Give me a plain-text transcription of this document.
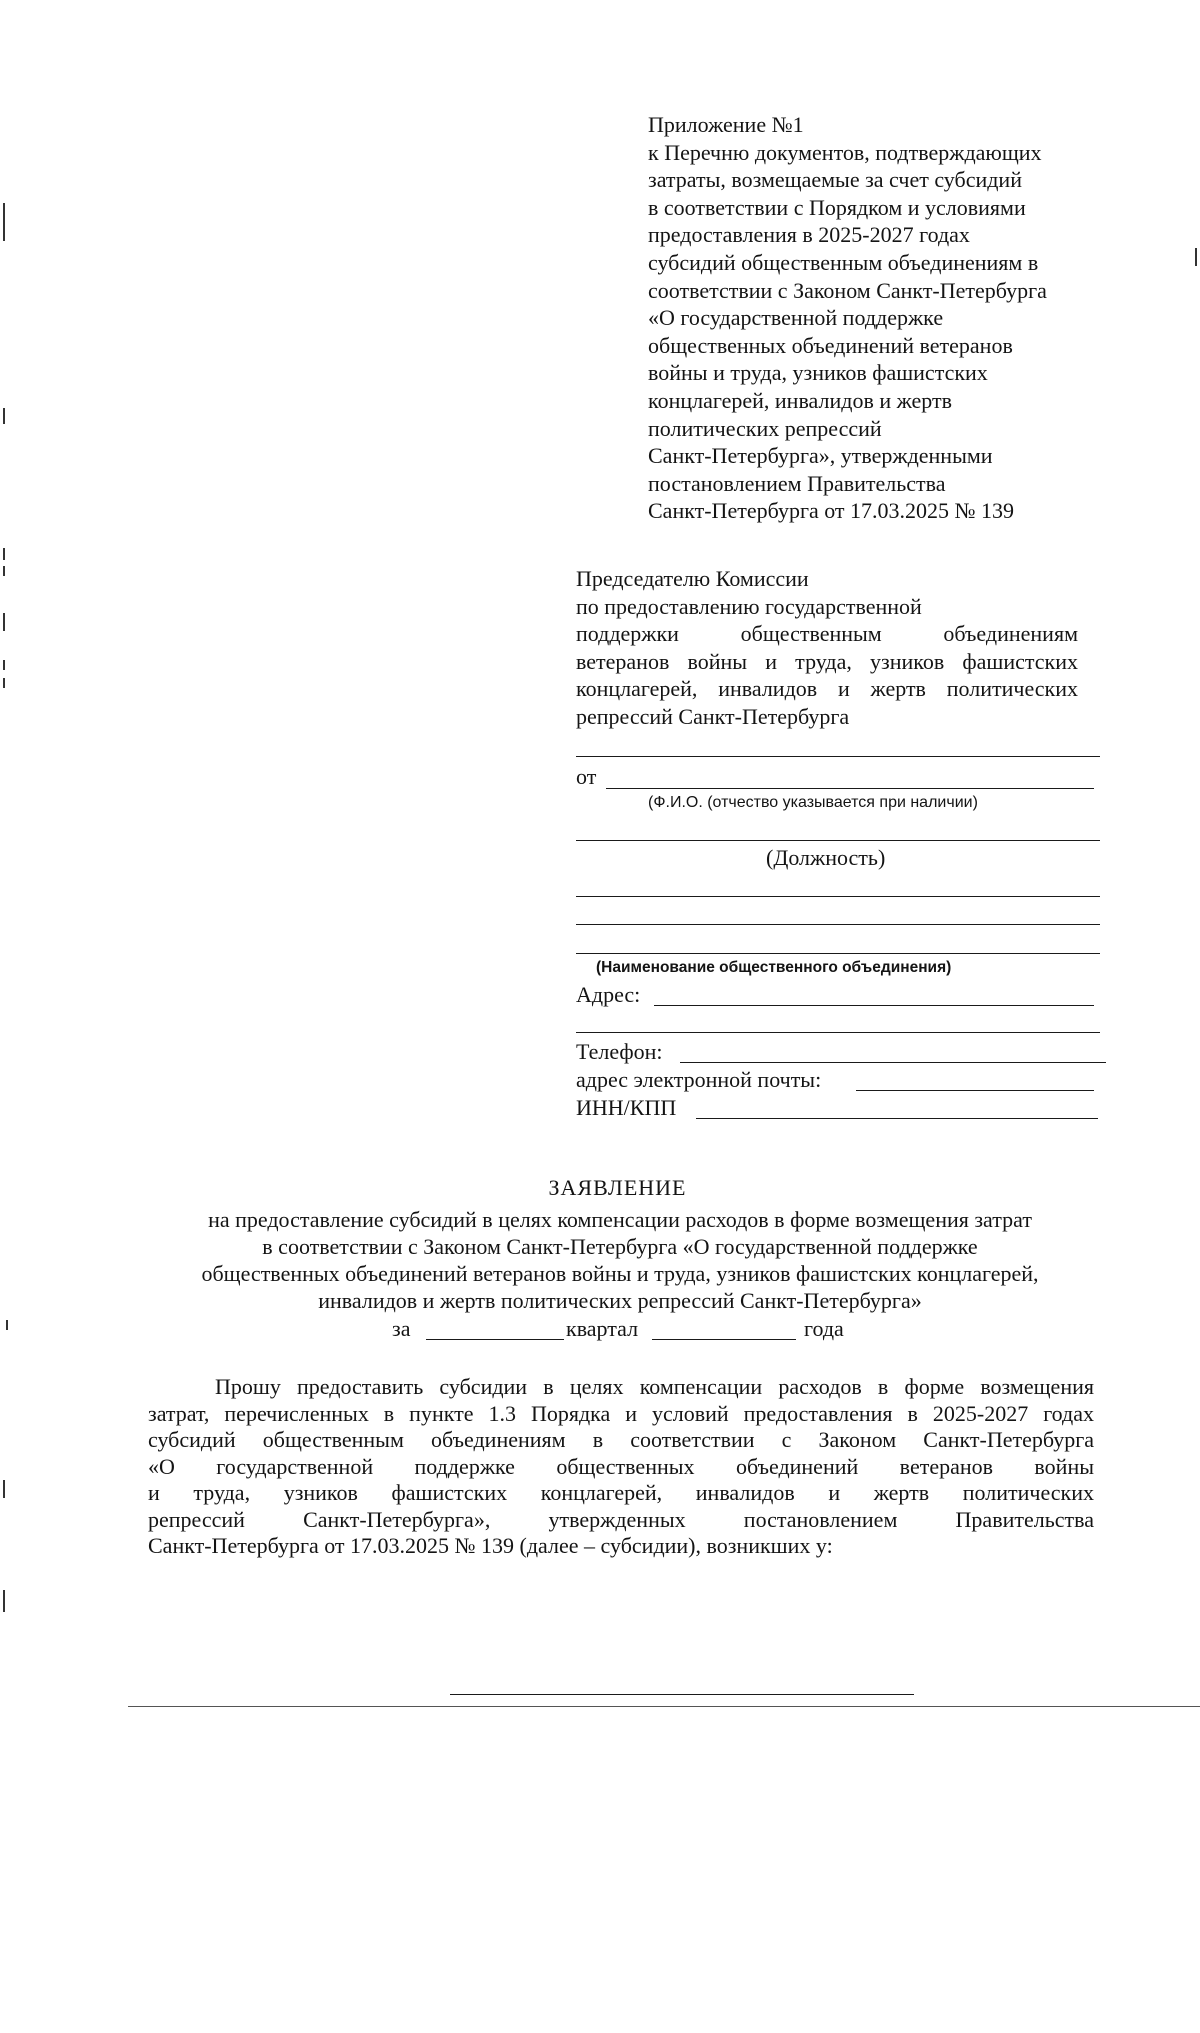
Приложение №1
к Перечню документов, подтверждающих
затраты, возмещаемые за счет субсидий
в соответствии с Порядком и условиями
предоставления в 2025-2027 годах
субсидий общественным объединениям в
соответствии с Законом Санкт-Петербурга
«О государственной поддержке
общественных объединений ветеранов
войны и труда, узников фашистских
концлагерей, инвалидов и жертв
политических репрессий
Санкт-Петербурга», утвержденными
постановлением Правительства
Санкт-Петербурга от 17.03.2025 № 139
Председателю Комиссии
по предоставлению государственной
поддержки общественным объединениям
ветеранов войны и труда, узников фашистских
концлагерей, инвалидов и жертв политических
репрессий Санкт-Петербурга
от
(Ф.И.О. (отчество указывается при наличии)
(Должность)
(Наименование общественного объединения)
Адрес:
Телефон:
адрес электронной почты:
ИНН/КПП
ЗАЯВЛЕНИЕ
на предоставление субсидий в целях компенсации расходов в форме возмещения затрат
в соответствии с Законом Санкт-Петербурга «О государственной поддержке
общественных объединений ветеранов войны и труда, узников фашистских концлагерей,
инвалидов и жертв политических репрессий Санкт-Петербурга»
за	квартал	года
Прошу предоставить субсидии в целях компенсации расходов в форме возмещения
затрат, перечисленных в пункте 1.3 Порядка и условий предоставления в 2025-2027 годах
субсидий общественным объединениям в соответствии с Законом Санкт-Петербурга
«О государственной поддержке общественных объединений ветеранов войны
и труда, узников фашистских концлагерей, инвалидов и жертв политических
репрессий Санкт-Петербурга», утвержденных постановлением Правительства
Санкт-Петербурга от 17.03.2025 № 139 (далее – субсидии), возникших у:
